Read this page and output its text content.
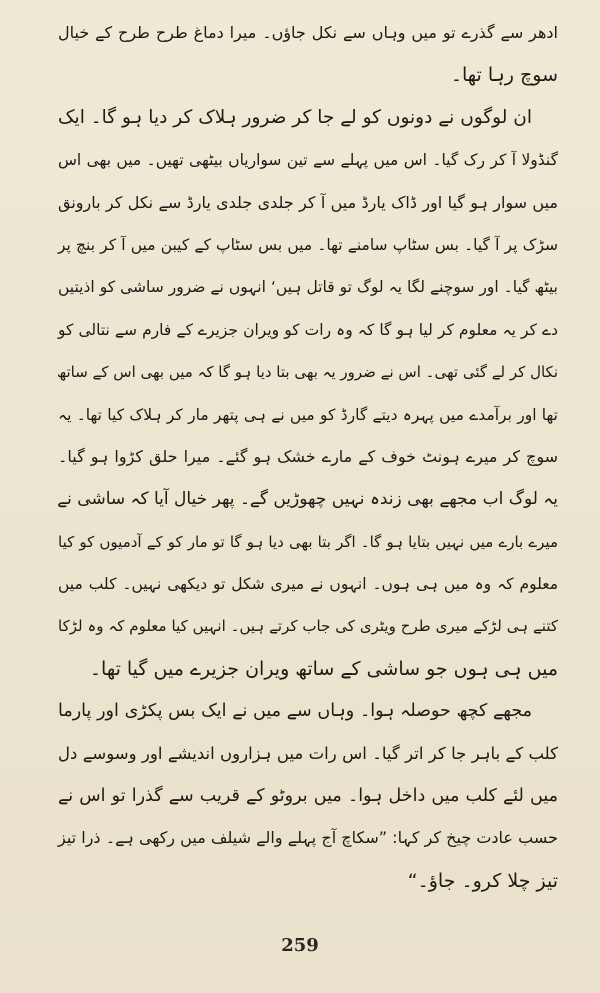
ادھر سے گذرے تو میں وہاں سے نکل جاؤں۔ میرا دماغ طرح طرح کے خیال
سوچ رہا تھا۔
ان لوگوں نے دونوں کو لے جا کر ضرور ہلاک کر دیا ہو گا۔ ایک
گنڈولا آ کر رک گیا۔ اس میں پہلے سے تین سواریاں بیٹھی تھیں۔ میں بھی اس
میں سوار ہو گیا اور ڈاک یارڈ میں آ کر جلدی جلدی یارڈ سے نکل کر بارونق
سڑک پر آ گیا۔ بس سٹاپ سامنے تھا۔ میں بس سٹاپ کے کیبن میں آ کر بنچ پر
بیٹھ گیا۔ اور سوچنے لگا یہ لوگ تو قاتل ہیں‘ انہوں نے ضرور ساشی کو اذیتیں
دے کر یہ معلوم کر لیا ہو گا کہ وہ رات کو ویران جزیرے کے فارم سے نتالی کو
نکال کر لے گئی تھی۔ اس نے ضرور یہ بھی بتا دیا ہو گا کہ میں بھی اس کے ساتھ
تھا اور برآمدے میں پہرہ دیتے گارڈ کو میں نے ہی پتھر مار کر ہلاک کیا تھا۔ یہ
سوچ کر میرے ہونٹ خوف کے مارے خشک ہو گئے۔ میرا حلق کڑوا ہو گیا۔
یہ لوگ اب مجھے بھی زندہ نہیں چھوڑیں گے۔ پھر خیال آیا کہ ساشی نے
میرے بارے میں نہیں بتایا ہو گا۔ اگر بتا بھی دیا ہو گا تو مار کو کے آدمیوں کو کیا
معلوم کہ وہ میں ہی ہوں۔ انہوں نے میری شکل تو دیکھی نہیں۔ کلب میں
کتنے ہی لڑکے میری طرح ویٹری کی جاب کرتے ہیں۔ انہیں کیا معلوم کہ وہ لڑکا
میں ہی ہوں جو ساشی کے ساتھ ویران جزیرے میں گیا تھا۔
مجھے کچھ حوصلہ ہوا۔ وہاں سے میں نے ایک بس پکڑی اور پارما
کلب کے باہر جا کر اتر گیا۔ اس رات میں ہزاروں اندیشے اور وسوسے دل
میں لئے کلب میں داخل ہوا۔ میں بروٹو کے قریب سے گذرا تو اس نے
حسب عادت چیخ کر کہا: ”سکاچ آج پہلے والے شیلف میں رکھی ہے۔ ذرا تیز
تیز چلا کرو۔ جاؤ۔“
259
